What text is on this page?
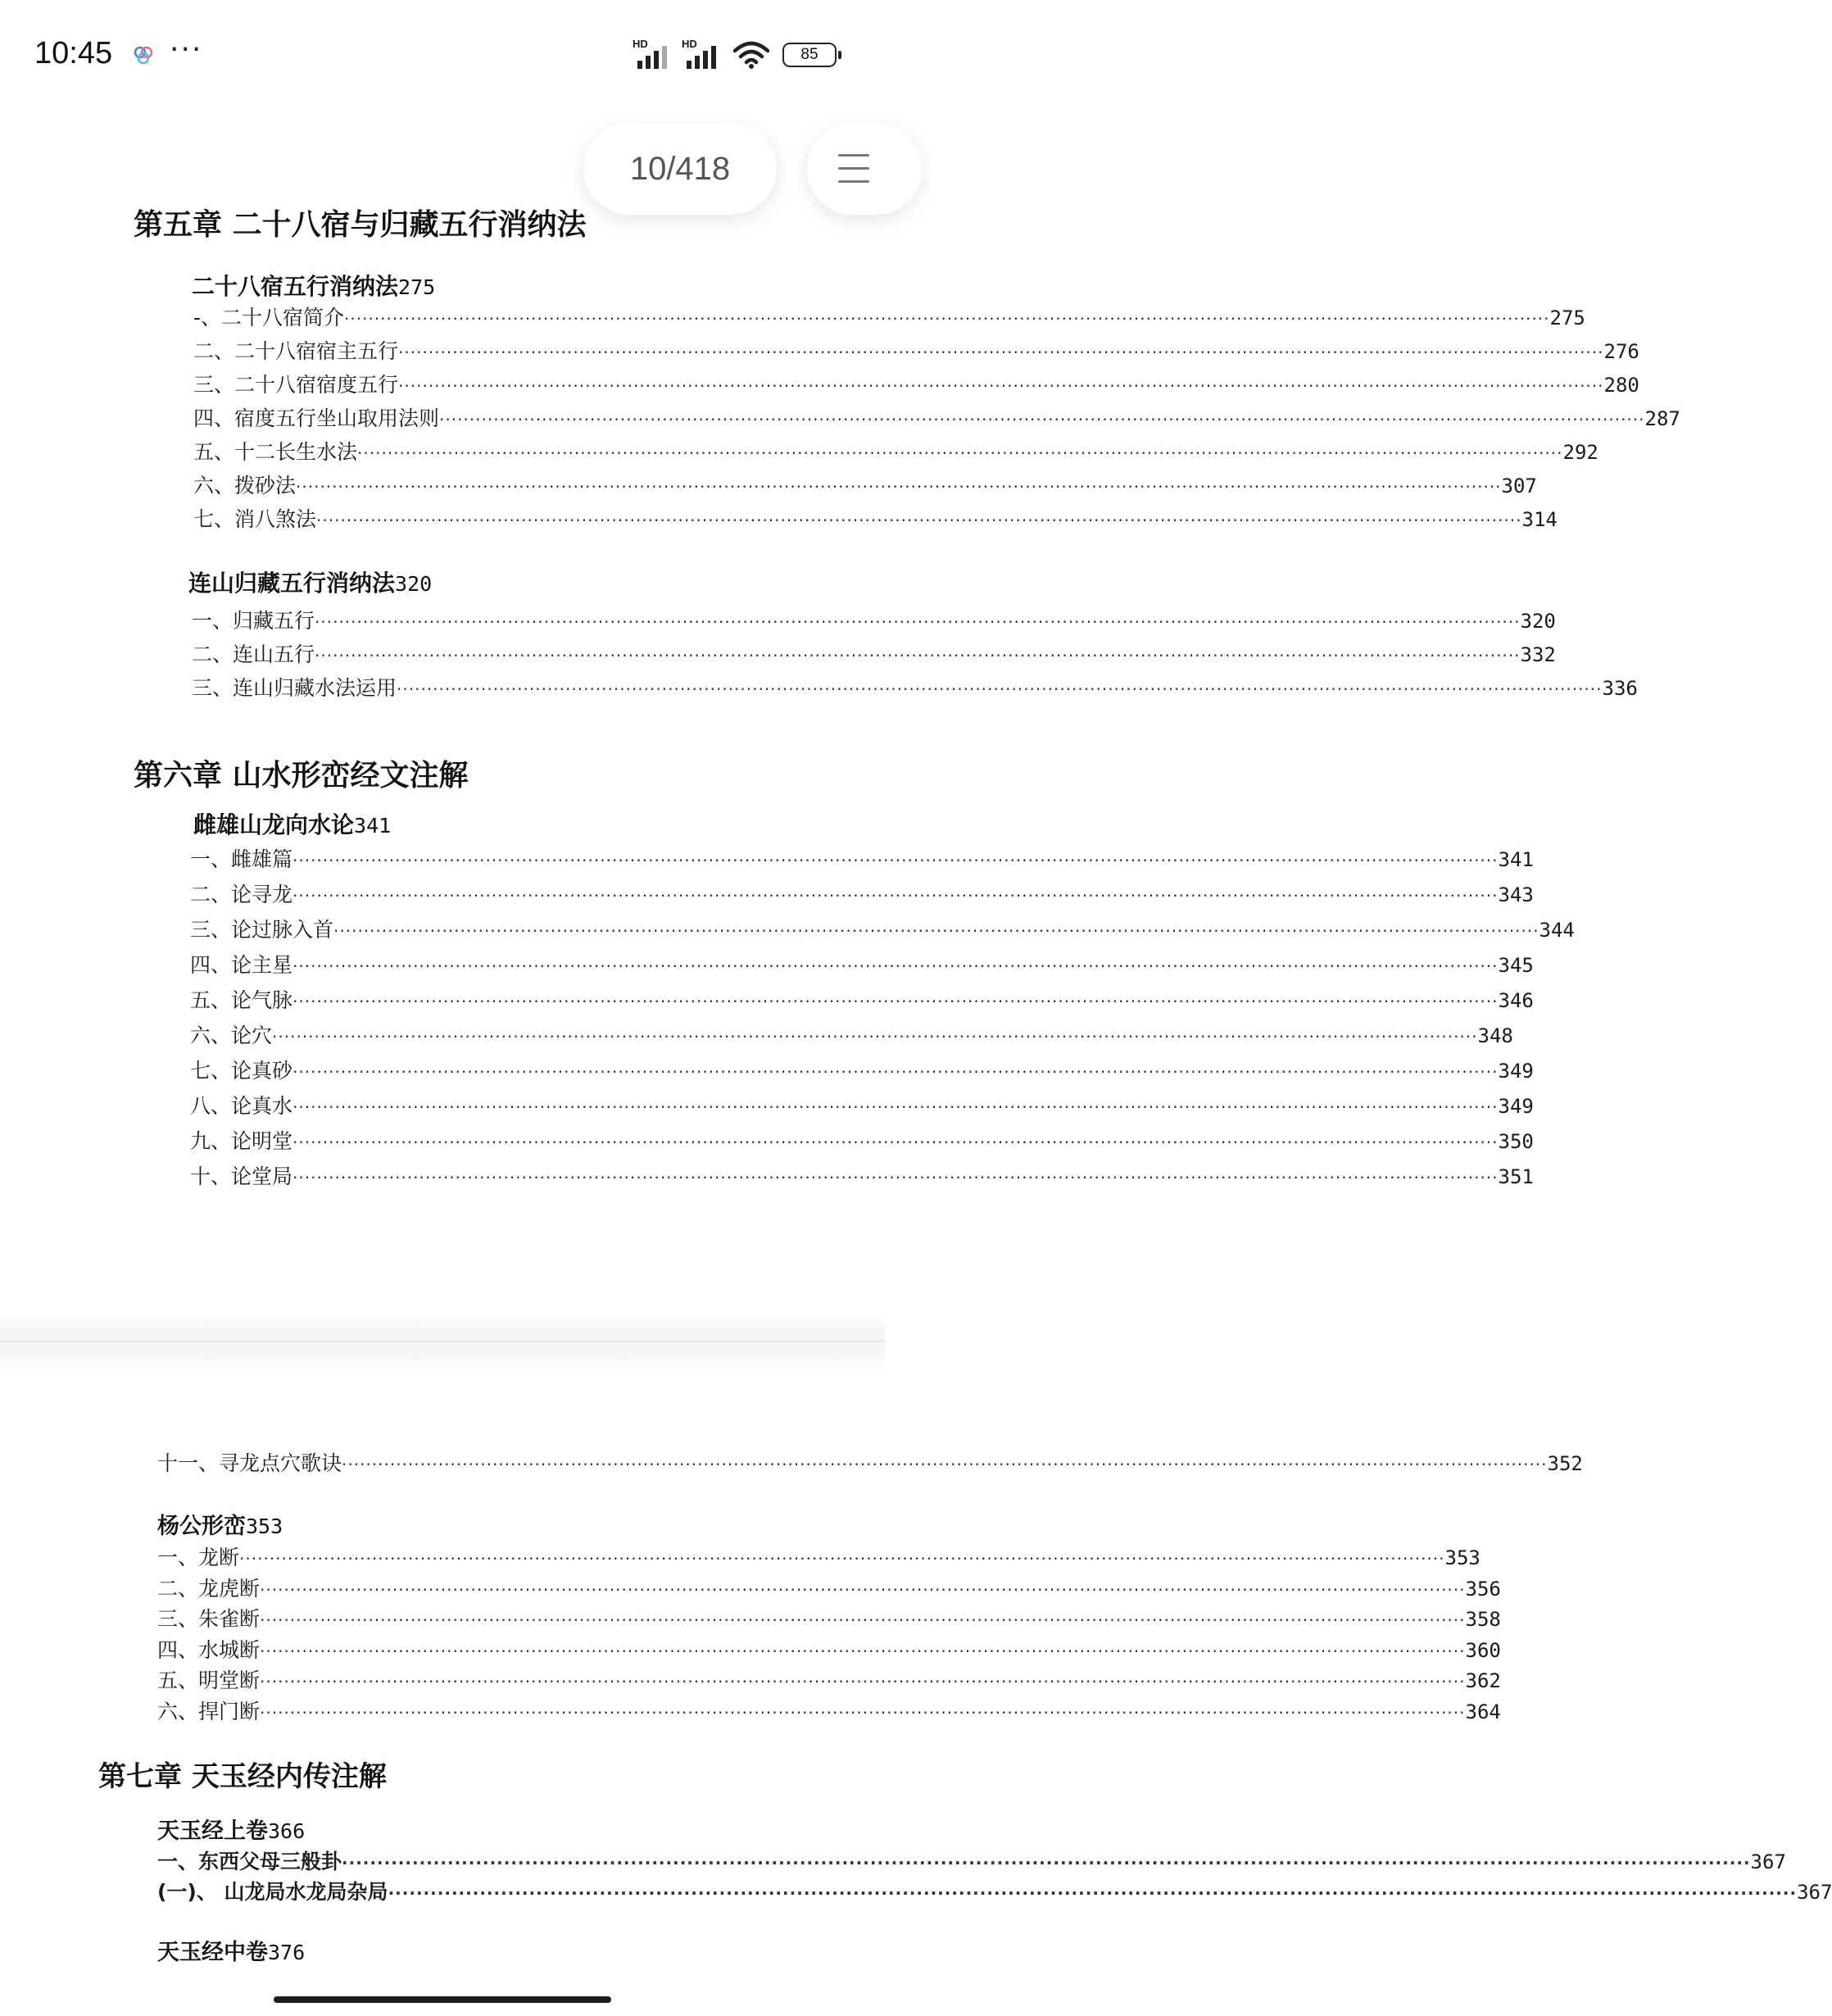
10:45 ···	HD	HD
85
10/418
第五章 二十八宿与归藏五行消纳法
二十八宿五行消纳法275
-、二十八宿简介 ········································································································································································································ 275
二、二十八宿宿主五行 ········································································································································································································ 276
三、二十八宿宿度五行 ········································································································································································································ 280
四、宿度五行坐山取用法则 ········································································································································································································ 287
五、十二长生水法 ········································································································································································································ 292
六、拨砂法 ········································································································································································································ 307
七、消八煞法 ········································································································································································································ 314
连山归藏五行消纳法320
一、归藏五行 ········································································································································································································ 320
二、连山五行 ········································································································································································································ 332
三、连山归藏水法运用 ········································································································································································································ 336
第六章 山水形峦经文注解
雌雄山龙向水论341
一、雌雄篇 ········································································································································································································ 341
二、论寻龙 ········································································································································································································ 343
三、论过脉入首 ········································································································································································································ 344
四、论主星 ········································································································································································································ 345
五、论气脉 ········································································································································································································ 346
六、论穴 ········································································································································································································ 348
七、论真砂 ········································································································································································································ 349
八、论真水 ········································································································································································································ 349
九、论明堂 ········································································································································································································ 350
十、论堂局 ········································································································································································································ 351
十一、寻龙点穴歌诀 ········································································································································································································ 352
杨公形峦353
一、龙断 ········································································································································································································ 353
二、龙虎断 ········································································································································································································ 356
三、朱雀断 ········································································································································································································ 358
四、水城断 ········································································································································································································ 360
五、明堂断 ········································································································································································································ 362
六、捍门断 ········································································································································································································ 364
第七章 天玉经内传注解
天玉经上卷366
一、东西父母三般卦 ········································································································································································································ 367
(一)、 山龙局水龙局杂局 ········································································································································································································ 367
天玉经中卷376
一、天地父母三般卦 ········································································································································································································ 376
